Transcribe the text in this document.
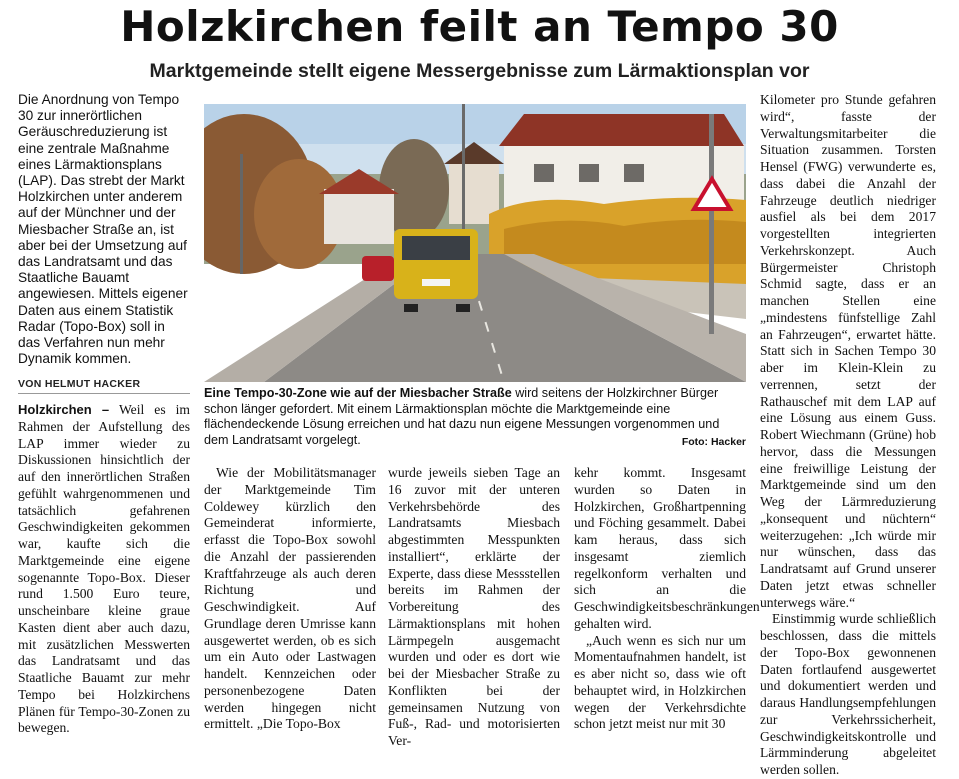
Holzkirchen feilt an Tempo 30
Marktgemeinde stellt eigene Messergebnisse zum Lärmaktionsplan vor

Die Anordnung von Tempo 30 zur innerörtlichen Geräuschreduzierung ist eine zentrale Maßnahme eines Lärmaktionsplans (LAP). Das strebt der Markt Holzkirchen unter anderem auf der Münchner und der Miesbacher Straße an, ist aber bei der Umsetzung auf das Landratsamt und das Staatliche Bauamt angewiesen. Mittels eigener Daten aus einem Statistik Radar (Topo-Box) soll in das Verfahren nun mehr Dynamik kommen.

VON HELMUT HACKER

Holzkirchen – Weil es im Rahmen der Aufstellung des LAP immer wieder zu Diskussionen hinsichtlich der auf den innerörtlichen Straßen gefühlt wahrgenommenen und tatsächlich gefahrenen Geschwindigkeiten gekommen war, kaufte sich die Marktgemeinde eine eigene sogenannte Topo-Box. Dieser rund 1.500 Euro teure, unscheinbare kleine graue Kasten dient aber auch dazu, mit zusätzlichen Messwerten das Landratsamt und das Staatliche Bauamt zur mehr Tempo bei Holzkirchens Plänen für Tempo-30-Zonen zu bewegen.

Eine Tempo-30-Zone wie auf der Miesbacher Straße wird seitens der Holzkirchner Bürger schon länger gefordert. Mit einem Lärmaktionsplan möchte die Marktgemeinde eine flächendeckende Lösung erreichen und hat dazu nun eigene Messungen vorgenommen und dem Landratsamt vorgelegt.	Foto: Hacker

Wie der Mobilitätsmanager der Marktgemeinde Tim Coldewey kürzlich den Gemeinderat informierte, erfasst die Topo-Box sowohl die Anzahl der passierenden Kraftfahrzeuge als auch deren Richtung und Geschwindigkeit. Auf Grundlage deren Umrisse kann ausgewertet werden, ob es sich um ein Auto oder Lastwagen handelt. Kennzeichen oder personenbezogene Daten werden hingegen nicht ermittelt. „Die Topo-Box

wurde jeweils sieben Tage an 16 zuvor mit der unteren Verkehrsbehörde des Landratsamts Miesbach abgestimmten Messpunkten installiert“, erklärte der Experte, dass diese Messstellen bereits im Rahmen der Vorbereitung des Lärmaktionsplans mit hohen Lärmpegeln ausgemacht wurden und oder es dort wie bei der Miesbacher Straße zu Konflikten bei der gemeinsamen Nutzung von Fuß-, Rad- und motorisierten Ver-

kehr kommt. Insgesamt wurden so Daten in Holzkirchen, Großhartpenning und Föching gesammelt. Dabei kam heraus, dass sich insgesamt ziemlich regelkonform verhalten und sich an die Geschwindigkeitsbeschränkungen gehalten wird.

„Auch wenn es sich nur um Momentaufnahmen handelt, ist es aber nicht so, dass wie oft behauptet wird, in Holzkirchen wegen der Verkehrsdichte schon jetzt meist nur mit 30

Kilometer pro Stunde gefahren wird“, fasste der Verwaltungsmitarbeiter die Situation zusammen. Torsten Hensel (FWG) verwunderte es, dass dabei die Anzahl der Fahrzeuge deutlich niedriger ausfiel als bei dem 2017 vorgestellten integrierten Verkehrskonzept. Auch Bürgermeister Christoph Schmid sagte, dass er an manchen Stellen eine „mindestens fünfstellige Zahl an Fahrzeugen“, erwartet hätte. Statt sich in Sachen Tempo 30 aber im Klein-Klein zu verrennen, setzt der Rathauschef mit dem LAP auf eine Lösung aus einem Guss. Robert Wiechmann (Grüne) hob hervor, dass die Messungen eine freiwillige Leistung der Marktgemeinde sind um den Weg der Lärmreduzierung „konsequent und nüchtern“ weiterzugehen: „Ich würde mir nur wünschen, dass das Landratsamt auf Grund unserer Daten jetzt etwas schneller unterwegs wäre.“

Einstimmig wurde schließlich beschlossen, dass die mittels der Topo-Box gewonnenen Daten fortlaufend ausgewertet und dokumentiert werden und daraus Handlungsempfehlungen zur Verkehrssicherheit, Geschwindigkeitskontrolle und Lärmminderung abgeleitet werden sollen.
